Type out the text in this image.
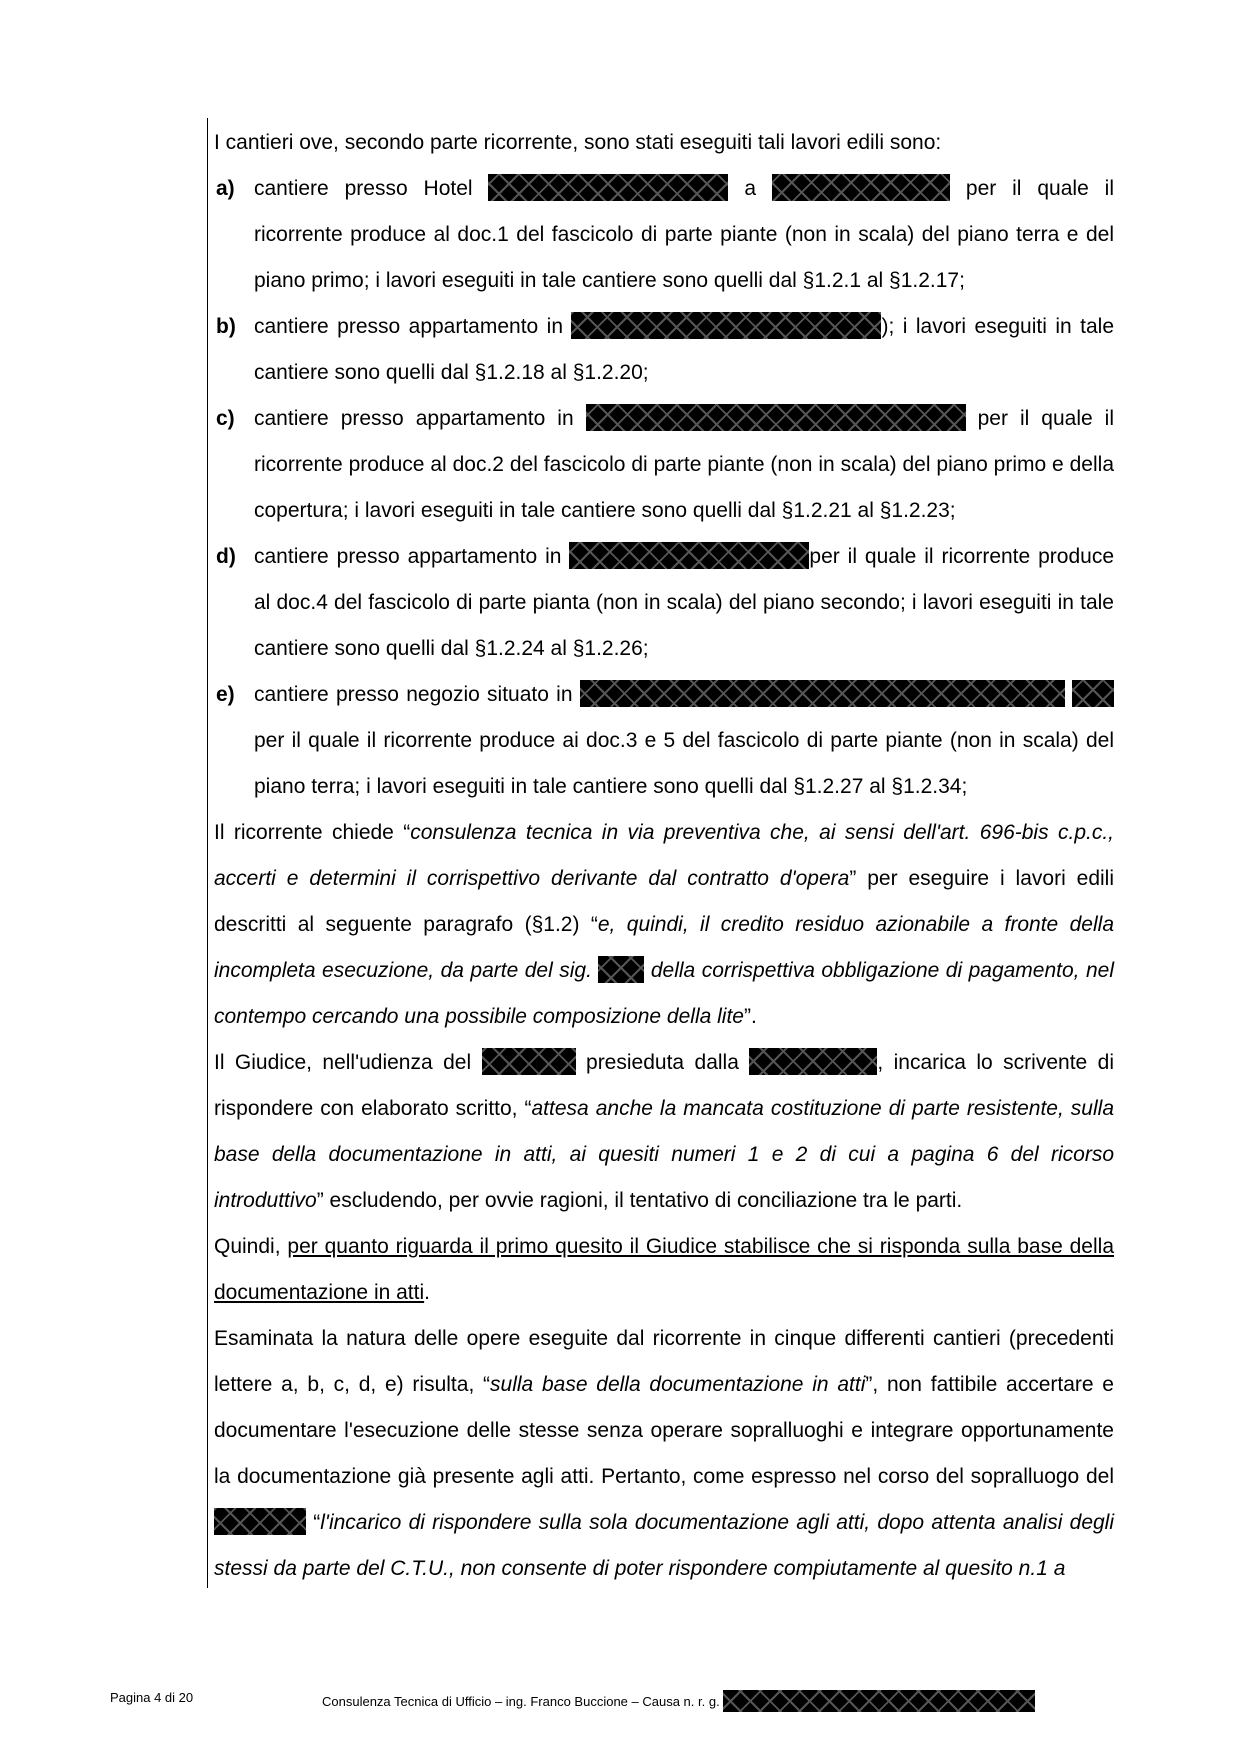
I cantieri ove, secondo parte ricorrente, sono stati eseguiti tali lavori edili sono:

a) cantiere presso Hotel	a	per il quale il ricorrente produce al doc.1 del fascicolo di parte piante (non in scala) del piano terra e del piano primo; i lavori eseguiti in tale cantiere sono quelli dal §1.2.1 al §1.2.17;
b) cantiere presso appartamento in	); i lavori eseguiti in tale cantiere sono quelli dal §1.2.18 al §1.2.20;
c) cantiere presso appartamento in	per il quale il ricorrente produce al doc.2 del fascicolo di parte piante (non in scala) del piano primo e della copertura; i lavori eseguiti in tale cantiere sono quelli dal §1.2.21 al §1.2.23;
d) cantiere presso appartamento in	per il quale il ricorrente produce al doc.4 del fascicolo di parte pianta (non in scala) del piano secondo; i lavori eseguiti in tale cantiere sono quelli dal §1.2.24 al §1.2.26;
e) cantiere presso negozio situato in   per il quale il ricorrente produce ai doc.3 e 5 del fascicolo di parte piante (non in scala) del piano terra; i lavori eseguiti in tale cantiere sono quelli dal §1.2.27 al §1.2.34;

Il ricorrente chiede “consulenza tecnica in via preventiva che, ai sensi dell'art. 696-bis c.p.c., accerti e determini il corrispettivo derivante dal contratto d'opera” per eseguire i lavori edili descritti al seguente paragrafo (§1.2) “e, quindi, il credito residuo azionabile a fronte della incompleta esecuzione, da parte del sig.  della corrispettiva obbligazione di pagamento, nel contempo cercando una possibile composizione della lite”.

Il Giudice, nell'udienza del	presieduta dalla	, incarica lo scrivente di rispondere con elaborato scritto, “attesa anche la mancata costituzione di parte resistente, sulla base della documentazione in atti, ai quesiti numeri 1 e 2 di cui a pagina 6 del ricorso introduttivo” escludendo, per ovvie ragioni, il tentativo di conciliazione tra le parti.

Quindi, per quanto riguarda il primo quesito il Giudice stabilisce che si risponda sulla base della documentazione in atti.

Esaminata la natura delle opere eseguite dal ricorrente in cinque differenti cantieri (precedenti lettere a, b, c, d, e) risulta, “sulla base della documentazione in atti”, non fattibile accertare e documentare l'esecuzione delle stesse senza operare sopralluoghi e integrare opportunamente la documentazione già presente agli atti. Pertanto, come espresso nel corso del sopralluogo del  “l'incarico di rispondere sulla sola documentazione agli atti, dopo attenta analisi degli stessi da parte del C.T.U., non consente di poter rispondere compiutamente al quesito n.1 a

Pagina 4 di 20	Consulenza Tecnica di Ufficio – ing. Franco Buccione – Causa n. r. g.
